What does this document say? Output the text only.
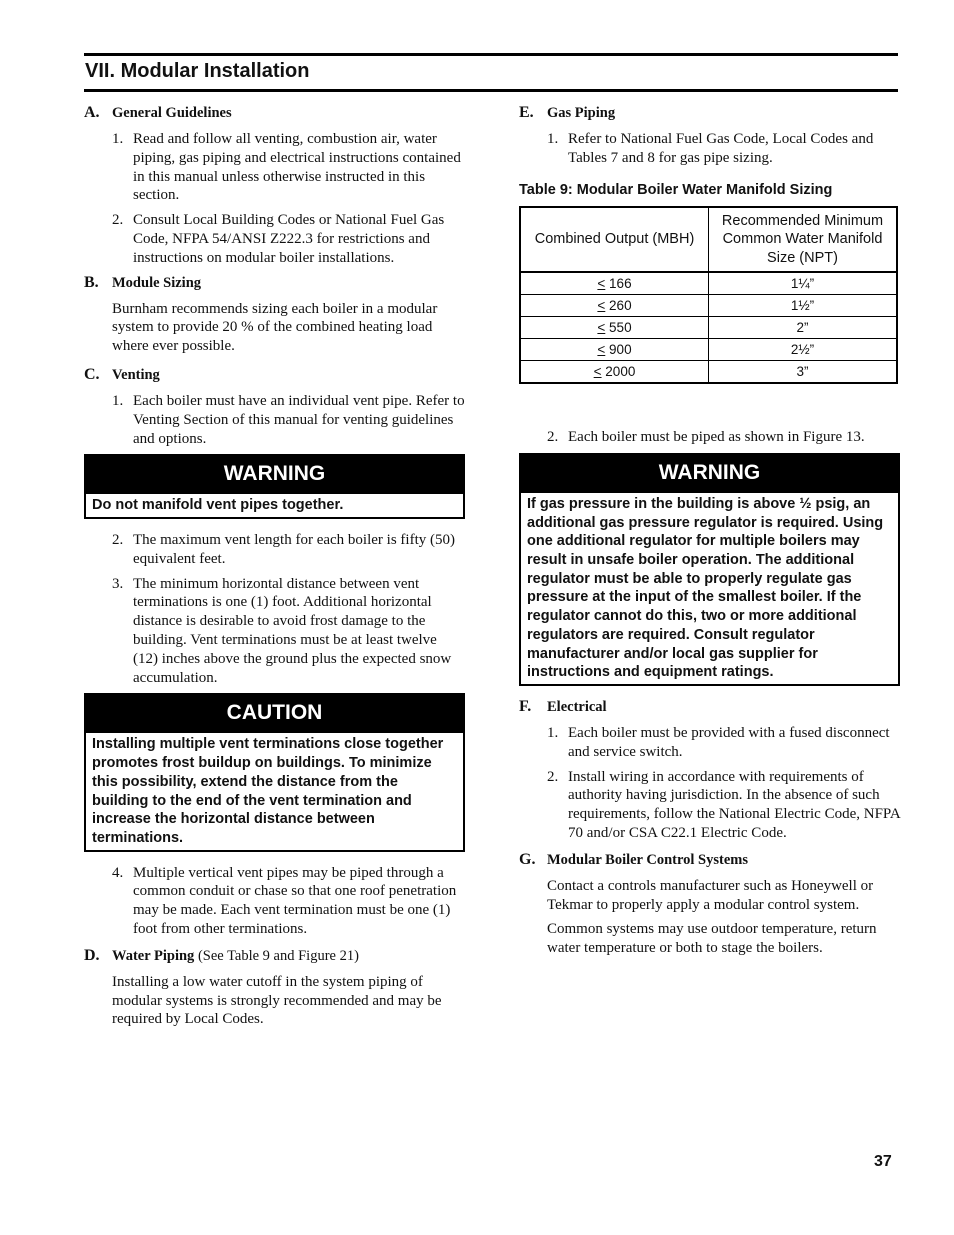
VII. Modular Installation
A. General Guidelines
1. Read and follow all venting, combustion air, water piping, gas piping and electrical instructions contained in this manual unless otherwise instructed in this section.
2. Consult Local Building Codes or National Fuel Gas Code, NFPA 54/ANSI Z222.3 for restrictions and instructions on modular boiler installations.
B. Module Sizing

Burnham recommends sizing each boiler in a modular system to provide 20 % of the combined heating load where ever possible.

C. Venting
1. Each boiler must have an individual vent pipe. Refer to Venting Section of this manual for venting guidelines and options.
WARNING
Do not manifold vent pipes together.
2. The maximum vent length for each boiler is fifty (50) equivalent feet.
3. The minimum horizontal distance between vent terminations is one (1) foot. Additional horizontal distance is desirable to avoid frost damage to the building. Vent terminations must be at least twelve (12) inches above the ground plus the expected snow accumulation.
CAUTION
Installing multiple vent terminations close together promotes frost buildup on buildings. To minimize this possibility, extend the distance from the building to the end of the vent termination and increase the horizontal distance between terminations.
4. Multiple vertical vent pipes may be piped through a common conduit or chase so that one roof penetration may be made. Each vent termination must be one (1) foot from other terminations.
D. Water Piping (See Table 9 and Figure 21)

Installing a low water cutoff in the system piping of modular systems is strongly recommended and may be required by Local Codes.

E. Gas Piping
1. Refer to National Fuel Gas Code, Local Codes and Tables 7 and 8 for gas pipe sizing.
Table 9: Modular Boiler Water Manifold Sizing
Combined Output (MBH)	Recommended Minimum Common Water Manifold Size (NPT)
≤ 166	1¼”
≤ 260	1½”
≤ 550	2”
≤ 900	2½”
≤ 2000	3”
2. Each boiler must be piped as shown in Figure 13.
WARNING
If gas pressure in the building is above ½ psig, an additional gas pressure regulator is required. Using one additional regulator for multiple boilers may result in unsafe boiler operation. The additional regulator must be able to properly regulate gas pressure at the input of the smallest boiler. If the regulator cannot do this, two or more additional regulators are required. Consult regulator manufacturer and/or local gas supplier for instructions and equipment ratings.
F.	Electrical
1. Each boiler must be provided with a fused disconnect and service switch.
2. Install wiring in accordance with requirements of authority having jurisdiction. In the absence of such requirements, follow the National Electric Code, NFPA 70 and/or CSA C22.1 Electric Code.
G. Modular Boiler Control Systems

Contact a controls manufacturer such as Honeywell or Tekmar to properly apply a modular control system.

Common systems may use outdoor temperature, return water temperature or both to stage the boilers.

37
